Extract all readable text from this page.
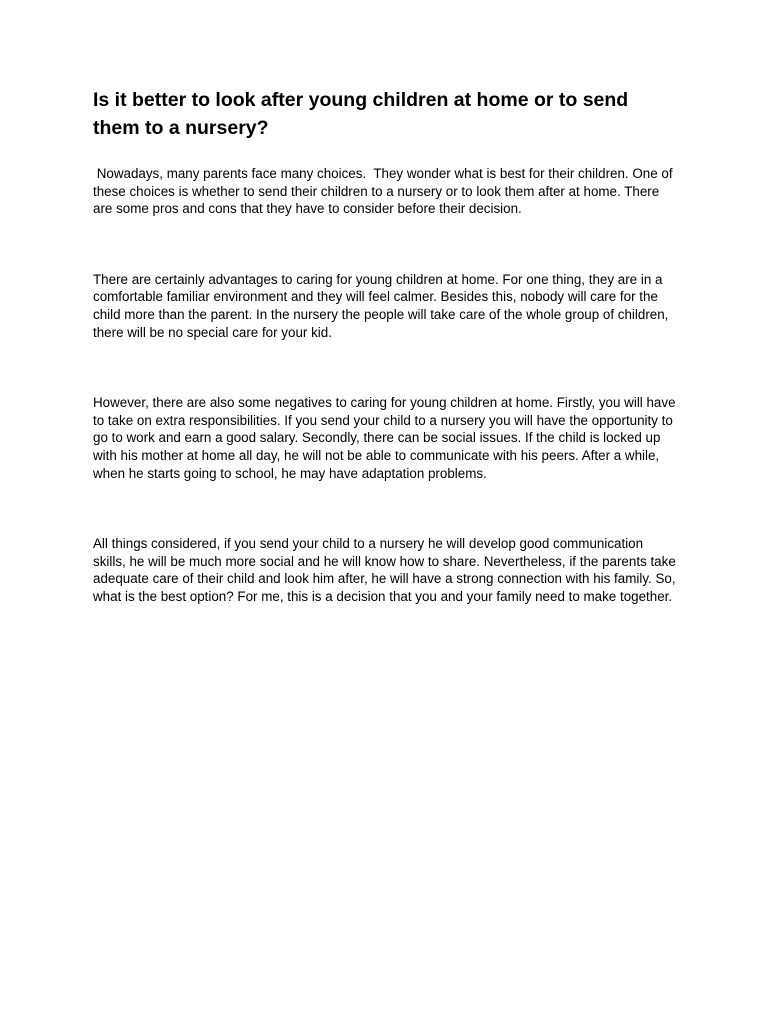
Is it better to look after young children at home or to send them to a nursery?

Nowadays, many parents face many choices.  They wonder what is best for their children. One of these choices is whether to send their children to a nursery or to look them after at home. There are some pros and cons that they have to consider before their decision.

There are certainly advantages to caring for young children at home. For one thing, they are in a comfortable familiar environment and they will feel calmer. Besides this, nobody will care for the child more than the parent. In the nursery the people will take care of the whole group of children, there will be no special care for your kid.

However, there are also some negatives to caring for young children at home. Firstly, you will have to take on extra responsibilities. If you send your child to a nursery you will have the opportunity to go to work and earn a good salary. Secondly, there can be social issues. If the child is locked up with his mother at home all day, he will not be able to communicate with his peers. After a while, when he starts going to school, he may have adaptation problems.

All things considered, if you send your child to a nursery he will develop good communication skills, he will be much more social and he will know how to share. Nevertheless, if the parents take adequate care of their child and look him after, he will have a strong connection with his family. So, what is the best option? For me, this is a decision that you and your family need to make together.
